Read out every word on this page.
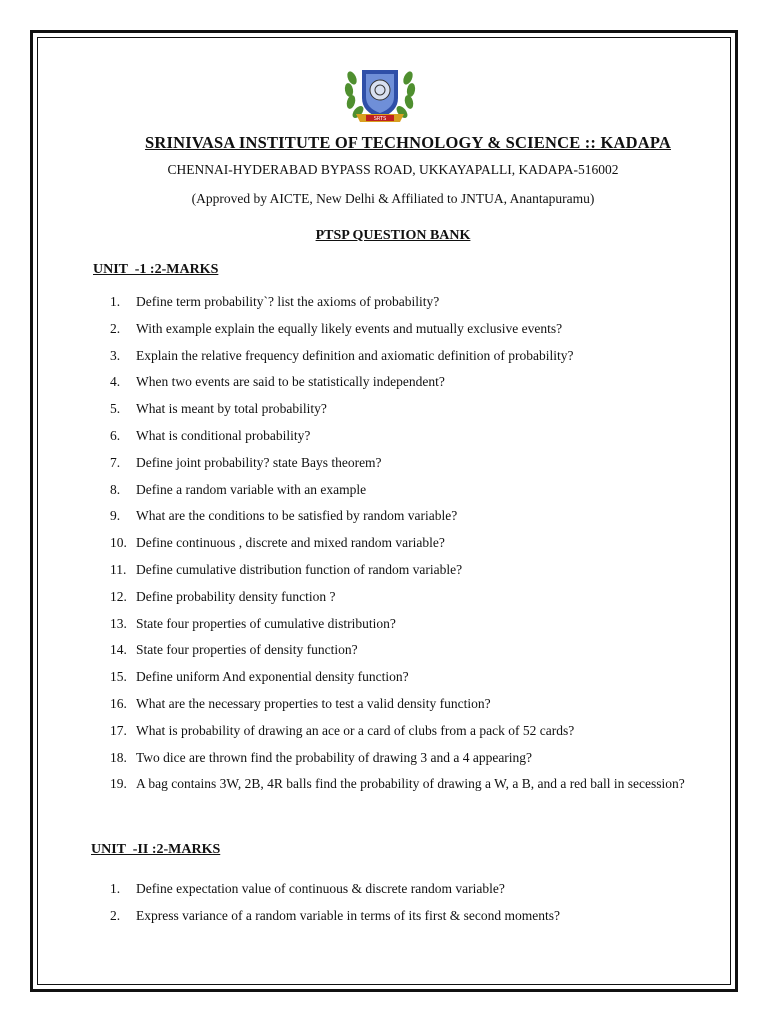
SRTS
SRINIVASA INSTITUTE OF TECHNOLOGY & SCIENCE :: KADAPA
CHENNAI-HYDERABAD BYPASS ROAD, UKKAYAPALLI, KADAPA-516002
(Approved by AICTE, New Delhi & Affiliated to JNTUA, Anantapuramu)
PTSP QUESTION BANK
UNIT  -1 :2-MARKS
1.	Define term probability`? list the axioms of probability?
2.	With example explain the equally likely events and mutually exclusive events?
3.	Explain the relative frequency definition and axiomatic definition of probability?
4.	When two events are said to be statistically independent?
5.	What is meant by total probability?
6.	What is conditional probability?
7.	Define joint probability? state Bays theorem?
8.	Define a random variable with an example
9.	What are the conditions to be satisfied by random variable?
10. Define continuous , discrete and mixed random variable?
11. Define cumulative distribution function of random variable?
12. Define probability density function ?
13. State four properties of cumulative distribution?
14. State four properties of density function?
15. Define uniform And exponential density function?
16. What are the necessary properties to test a valid density function?
17. What is probability of drawing an ace or a card of clubs from a pack of 52 cards?
18. Two dice are thrown find the probability of drawing 3 and a 4 appearing?
19. A bag contains 3W, 2B, 4R balls find the probability of drawing a W, a B, and a red ball in secession?
UNIT  -II :2-MARKS
1.	Define expectation value of continuous & discrete random variable?
2.	Express variance of a random variable in terms of its first & second moments?
